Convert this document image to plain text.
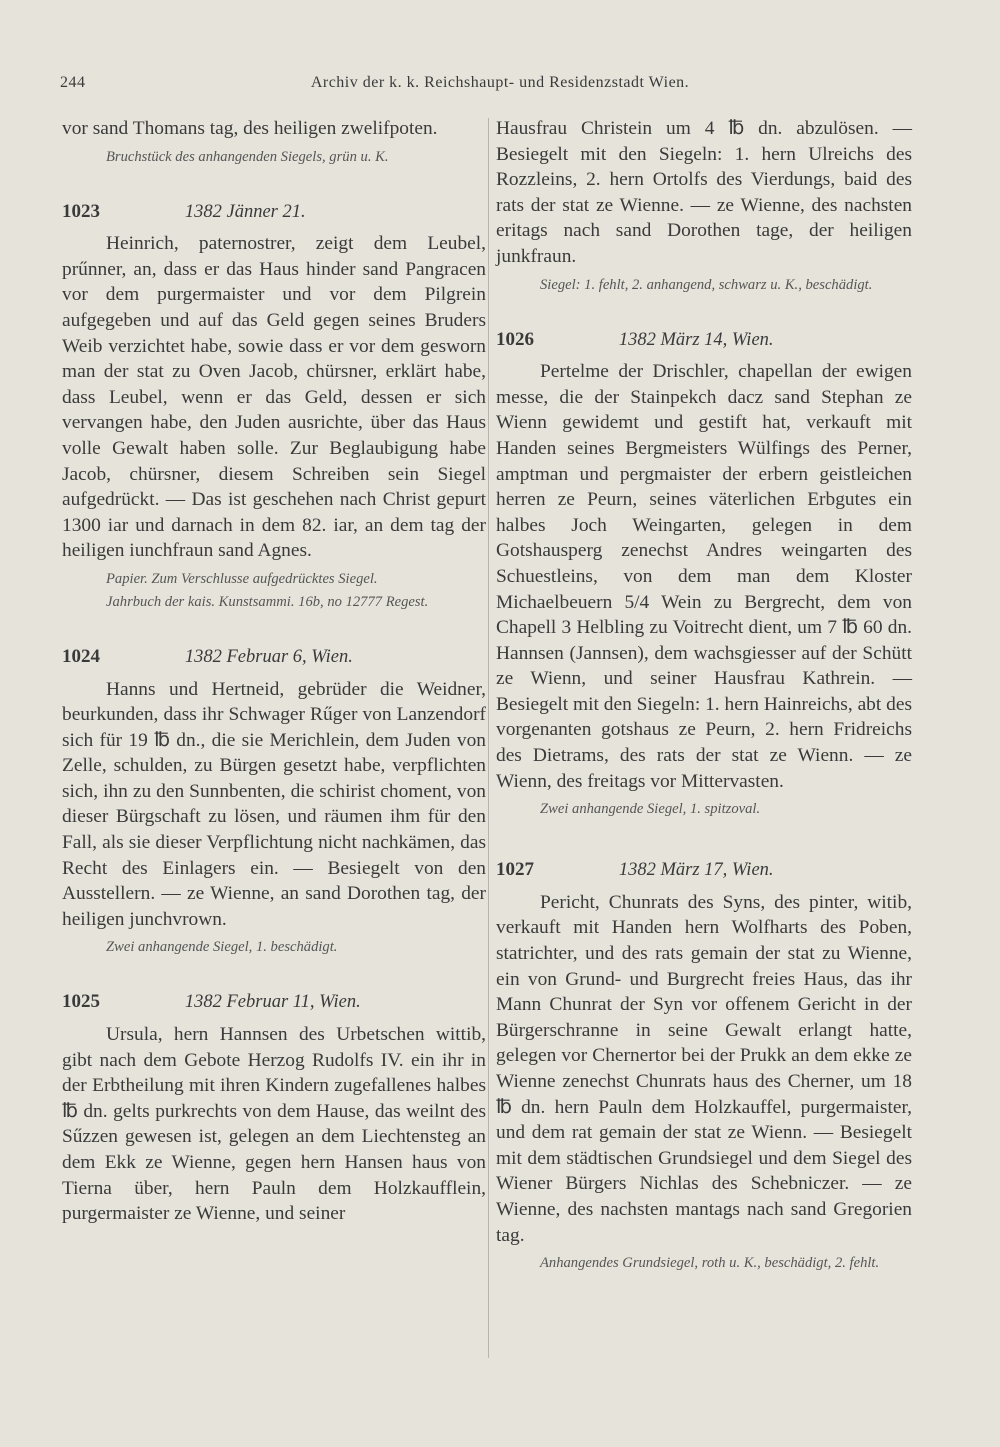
244	Archiv der k. k. Reichshaupt- und Residenzstadt Wien.

vor sand Thomans tag, des heiligen zwelifpoten.

Bruchstück des anhangenden Siegels, grün u. K.

1023	1382 Jänner 21.

Heinrich, paternostrer, zeigt dem Leubel, prűnner, an, dass er das Haus hinder sand Pangracen vor dem purgermaister und vor dem Pilgrein aufgegeben und auf das Geld gegen seines Bruders Weib verzichtet habe, sowie dass er vor dem gesworn man der stat zu Oven Jacob, chürsner, erklärt habe, dass Leubel, wenn er das Geld, dessen er sich vervangen habe, den Juden ausrichte, über das Haus volle Gewalt haben solle. Zur Beglaubigung habe Jacob, chürsner, diesem Schreiben sein Siegel aufgedrückt. — Das ist geschehen nach Christ gepurt 1300 iar und darnach in dem 82. iar, an dem tag der heiligen iunchfraun sand Agnes.

Papier. Zum Verschlusse aufgedrücktes Siegel.

Jahrbuch der kais. Kunstsammi. 16b, no 12777 Regest.

1024	1382 Februar 6, Wien.

Hanns und Hertneid, gebrüder die Weidner, beurkunden, dass ihr Schwager Rűger von Lanzendorf sich für 19 ℔ dn., die sie Merichlein, dem Juden von Zelle, schulden, zu Bürgen gesetzt habe, verpflichten sich, ihn zu den Sunnbenten, die schirist choment, von dieser Bürgschaft zu lösen, und räumen ihm für den Fall, als sie dieser Verpflichtung nicht nachkämen, das Recht des Einlagers ein. — Besiegelt von den Ausstellern. — ze Wienne, an sand Dorothen tag, der heiligen junchvrown.

Zwei anhangende Siegel, 1. beschädigt.

1025	1382 Februar 11, Wien.

Ursula, hern Hannsen des Urbetschen wittib, gibt nach dem Gebote Herzog Rudolfs IV. ein ihr in der Erbtheilung mit ihren Kindern zugefallenes halbes ℔ dn. gelts purkrechts von dem Hause, das weilnt des Sűzzen gewesen ist, gelegen an dem Liechtensteg an dem Ekk ze Wienne, gegen hern Hansen haus von Tierna über, hern Pauln dem Holzkaufflein, purgermaister ze Wienne, und seiner

Hausfrau Christein um 4 ℔ dn. abzulösen. — Besiegelt mit den Siegeln: 1. hern Ulreichs des Rozzleins, 2. hern Ortolfs des Vierdungs, baid des rats der stat ze Wienne. — ze Wienne, des nachsten eritags nach sand Dorothen tage, der heiligen junkfraun.

Siegel: 1. fehlt, 2. anhangend, schwarz u. K., beschädigt.

1026	1382 März 14, Wien.

Pertelme der Drischler, chapellan der ewigen messe, die der Stainpekch dacz sand Stephan ze Wienn gewidemt und gestift hat, verkauft mit Handen seines Bergmeisters Wülfings des Perner, amptman und pergmaister der erbern geistleichen herren ze Peurn, seines väterlichen Erbgutes ein halbes Joch Weingarten, gelegen in dem Gotshausperg zenechst Andres weingarten des Schuestleins, von dem man dem Kloster Michaelbeuern 5/4 Wein zu Bergrecht, dem von Chapell 3 Helbling zu Voitrecht dient, um 7 ℔ 60 dn. Hannsen (Jannsen), dem wachsgiesser auf der Schütt ze Wienn, und seiner Hausfrau Kathrein. — Besiegelt mit den Siegeln: 1. hern Hainreichs, abt des vorgenanten gotshaus ze Peurn, 2. hern Fridreichs des Dietrams, des rats der stat ze Wienn. — ze Wienn, des freitags vor Mittervasten.

Zwei anhangende Siegel, 1. spitzoval.

1027	1382 März 17, Wien.

Pericht, Chunrats des Syns, des pinter, witib, verkauft mit Handen hern Wolfharts des Poben, statrichter, und des rats gemain der stat zu Wienne, ein von Grund- und Burgrecht freies Haus, das ihr Mann Chunrat der Syn vor offenem Gericht in der Bürgerschranne in seine Gewalt erlangt hatte, gelegen vor Chernertor bei der Prukk an dem ekke ze Wienne zenechst Chunrats haus des Cherner, um 18 ℔ dn. hern Pauln dem Holzkauffel, purgermaister, und dem rat gemain der stat ze Wienn. — Besiegelt mit dem städtischen Grundsiegel und dem Siegel des Wiener Bürgers Nichlas des Schebniczer. — ze Wienne, des nachsten mantags nach sand Gregorien tag.

Anhangendes Grundsiegel, roth u. K., beschädigt, 2. fehlt.
